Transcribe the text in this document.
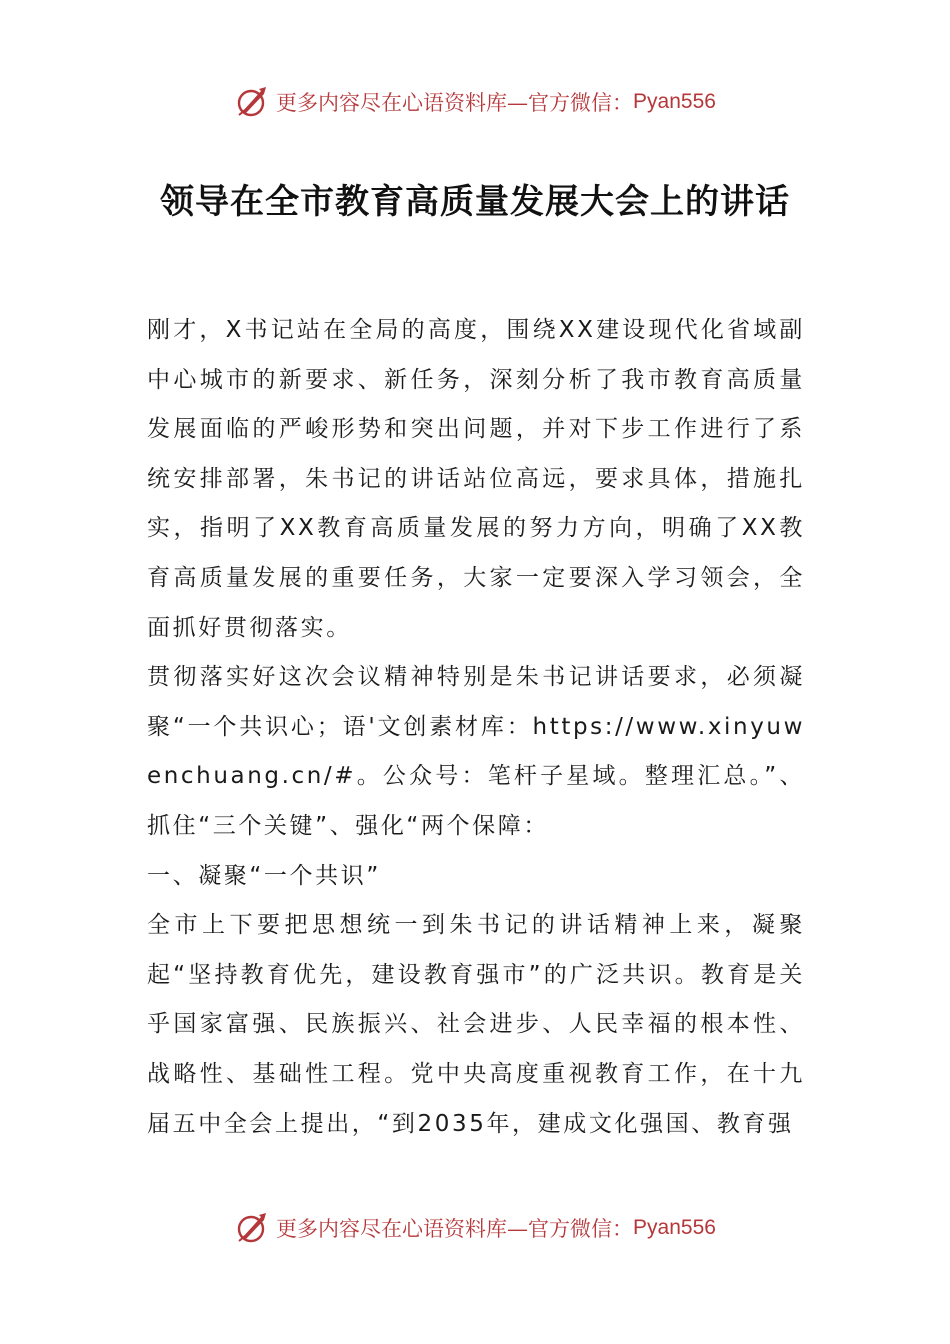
更多内容尽在心语资料库—官方微信： Pyan556
领导在全市教育高质量发展大会上的讲话

刚才，X书记站在全局的高度，围绕XX建设现代化省域副中心城市的新要求、新任务，深刻分析了我市教育高质量发展面临的严峻形势和突出问题，并对下步工作进行了系统安排部署，朱书记的讲话站位高远，要求具体，措施扎实，指明了XX教育高质量发展的努力方向，明确了XX教育高质量发展的重要任务，大家一定要深入学习领会，全面抓好贯彻落实。

贯彻落实好这次会议精神特别是朱书记讲话要求，必须凝聚“一个共识心；语'文创素材库：https://www.xinyuwenchuang.cn/#。公众号：笔杆子星域。整理汇总。”、抓住“三个关键”、强化“两个保障：

一、凝聚“一个共识”

全市上下要把思想统一到朱书记的讲话精神上来，凝聚起“坚持教育优先，建设教育强市”的广泛共识。教育是关乎国家富强、民族振兴、社会进步、人民幸福的根本性、战略性、基础性工程。党中央高度重视教育工作，在十九届五中全会上提出，“到2035年，建成文化强国、教育强

更多内容尽在心语资料库—官方微信： Pyan556
